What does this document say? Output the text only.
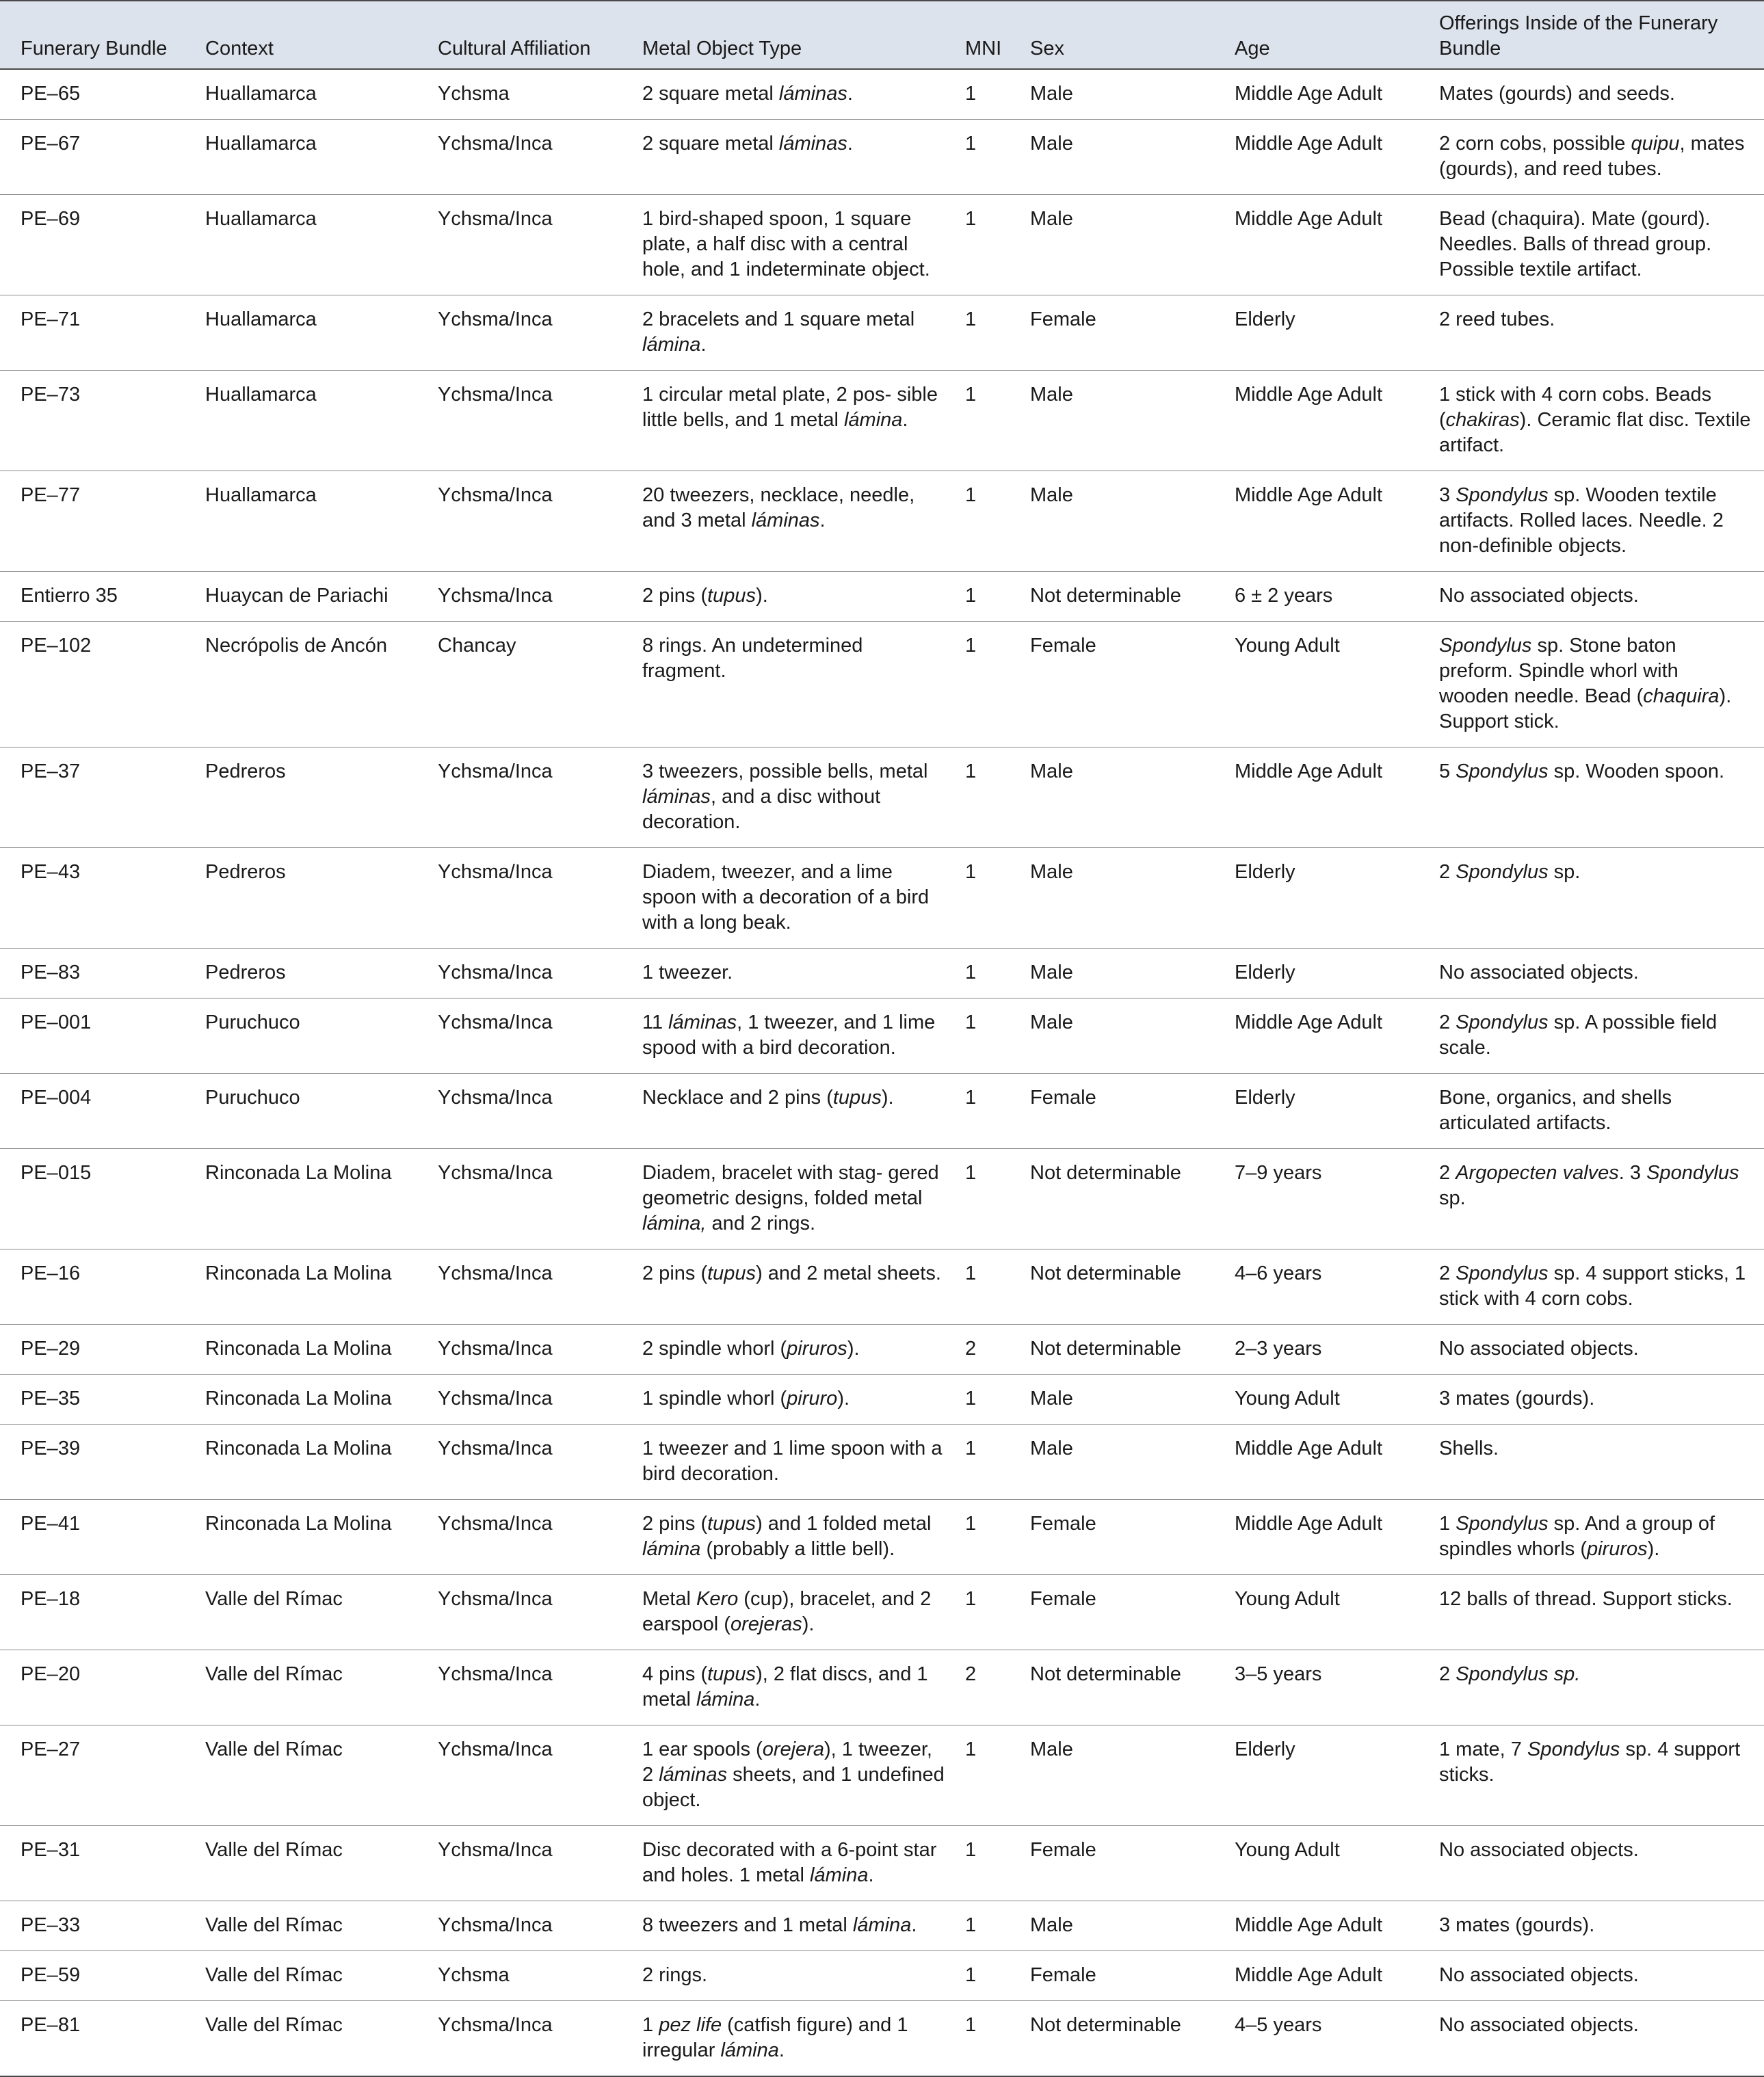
Funerary Bundle	Context	Cultural Affiliation	Metal Object Type	MNI	Sex	Age	Offerings Inside of the Funerary Bundle
PE–65	Huallamarca	Ychsma	2 square metal láminas.	1	Male	Middle Age Adult	Mates (gourds) and seeds.
PE–67	Huallamarca	Ychsma/Inca	2 square metal láminas.	1	Male	Middle Age Adult	2 corn cobs, possible quipu, mates (gourds), and reed tubes.
PE–69	Huallamarca	Ychsma/Inca	1 bird-shaped spoon, 1 square plate, a half disc with a central hole, and 1 indeterminate object.	1	Male	Middle Age Adult	Bead (chaquira). Mate (gourd). Needles. Balls of thread group. Possible textile artifact.
PE–71	Huallamarca	Ychsma/Inca	2 bracelets and 1 square metal lámina.	1	Female	Elderly	2 reed tubes.
PE–73	Huallamarca	Ychsma/Inca	1 circular metal plate, 2 pos- sible little bells, and 1 metal lámina.	1	Male	Middle Age Adult	1 stick with 4 corn cobs. Beads (chakiras). Ceramic flat disc. Textile artifact.
PE–77	Huallamarca	Ychsma/Inca	20 tweezers, necklace, needle, and 3 metal láminas.	1	Male	Middle Age Adult	3 Spondylus sp. Wooden textile artifacts. Rolled laces. Needle. 2 non-definible objects.
Entierro 35	Huaycan de Pariachi	Ychsma/Inca	2 pins (tupus).	1	Not determinable	6 ± 2 years	No associated objects.
PE–102	Necrópolis de Ancón	Chancay	8 rings. An undetermined fragment.	1	Female	Young Adult	Spondylus sp. Stone baton preform. Spindle whorl with wooden needle. Bead (chaquira). Support stick.
PE–37	Pedreros	Ychsma/Inca	3 tweezers, possible bells, metal láminas, and a disc without decoration.	1	Male	Middle Age Adult	5 Spondylus sp. Wooden spoon.
PE–43	Pedreros	Ychsma/Inca	Diadem, tweezer, and a lime spoon with a decoration of a bird with a long beak.	1	Male	Elderly	2 Spondylus sp.
PE–83	Pedreros	Ychsma/Inca	1 tweezer.	1	Male	Elderly	No associated objects.
PE–001	Puruchuco	Ychsma/Inca	11 láminas, 1 tweezer, and 1 lime spood with a bird decoration.	1	Male	Middle Age Adult	2 Spondylus sp. A possible field scale.
PE–004	Puruchuco	Ychsma/Inca	Necklace and 2 pins (tupus).	1	Female	Elderly	Bone, organics, and shells articulated artifacts.
PE–015	Rinconada La Molina	Ychsma/Inca	Diadem, bracelet with stag- gered geometric designs, folded metal lámina, and 2 rings.	1	Not determinable	7–9 years	2 Argopecten valves. 3 Spondylus sp.
PE–16	Rinconada La Molina	Ychsma/Inca	2 pins (tupus) and 2 metal sheets.	1	Not determinable	4–6 years	2 Spondylus sp. 4 support sticks, 1 stick with 4 corn cobs.
PE–29	Rinconada La Molina	Ychsma/Inca	2 spindle whorl (piruros).	2	Not determinable	2–3 years	No associated objects.
PE–35	Rinconada La Molina	Ychsma/Inca	1 spindle whorl (piruro).	1	Male	Young Adult	3 mates (gourds).
PE–39	Rinconada La Molina	Ychsma/Inca	1 tweezer and 1 lime spoon with a bird decoration.	1	Male	Middle Age Adult	Shells.
PE–41	Rinconada La Molina	Ychsma/Inca	2 pins (tupus) and 1 folded metal lámina (probably a little bell).	1	Female	Middle Age Adult	1 Spondylus sp. And a group of spindles whorls (piruros).
PE–18	Valle del Rímac	Ychsma/Inca	Metal Kero (cup), bracelet, and 2 earspool (orejeras).	1	Female	Young Adult	12 balls of thread. Support sticks.
PE–20	Valle del Rímac	Ychsma/Inca	4 pins (tupus), 2 flat discs, and 1 metal lámina.	2	Not determinable	3–5 years	2 Spondylus sp.
PE–27	Valle del Rímac	Ychsma/Inca	1 ear spools (orejera), 1 tweezer, 2 láminas sheets, and 1 undefined object.	1	Male	Elderly	1 mate, 7 Spondylus sp. 4 support sticks.
PE–31	Valle del Rímac	Ychsma/Inca	Disc decorated with a 6-point star and holes. 1 metal lámina.	1	Female	Young Adult	No associated objects.
PE–33	Valle del Rímac	Ychsma/Inca	8 tweezers and 1 metal lámina.	1	Male	Middle Age Adult	3 mates (gourds).
PE–59	Valle del Rímac	Ychsma	2 rings.	1	Female	Middle Age Adult	No associated objects.
PE–81	Valle del Rímac	Ychsma/Inca	1 pez life (catfish figure) and 1 irregular lámina.	1	Not determinable	4–5 years	No associated objects.
